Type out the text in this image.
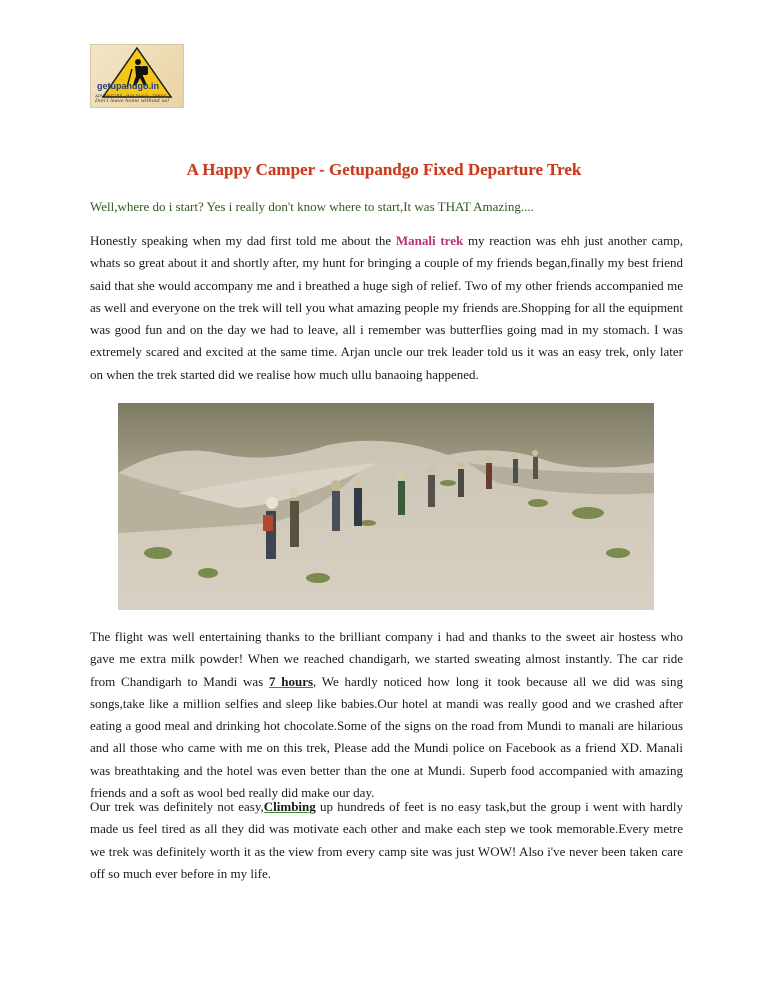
getupandgo.in
ADVENTURE · HOLIDAYS · TREKS
Don't leave home without us!
A Happy Camper - Getupandgo Fixed Departure Trek

Well,where do i start? Yes i really don't know where to start,It was THAT Amazing....

Honestly speaking when my dad first told me about the Manali trek my reaction was ehh just another camp, whats so great about it and shortly after, my hunt for bringing a couple of my friends began,finally my best friend said that she would accompany me and i breathed a huge sigh of relief. Two of my other friends accompanied me as well and everyone on the trek will tell you what amazing people my friends are.Shopping for all the equipment was good fun and on the day we had to leave, all i remember was butterflies going mad in my stomach. I was extremely scared and excited at the same time. Arjan uncle our trek leader told us it was an easy trek, only later on when the trek started did we realise how much ullu banaoing happened.

The flight was well entertaining thanks to the brilliant company i had and thanks to the sweet air hostess who gave me extra milk powder! When we reached chandigarh, we started sweating almost instantly. The car ride from Chandigarh to Mandi was 7 hours, We hardly noticed how long it took because all we did was sing songs,take like a million selfies and sleep like babies.Our hotel at mandi was really good and we crashed after eating a good meal and drinking hot chocolate.Some of the signs on the road from Mundi to manali are hilarious and all those who came with me on this trek, Please add the Mundi police on Facebook as a friend XD. Manali was breathtaking and the hotel was even better than the one at Mundi. Superb food accompanied with amazing friends and a soft as wool bed really did make our day.

Our trek was definitely not easy,Climbing up hundreds of feet is no easy task,but the group i went with hardly made us feel tired as all they did was motivate each other and make each step we took memorable.Every metre we trek was definitely worth it as the view from every camp site was just WOW! Also i've never been taken care off so much ever before in my life.
